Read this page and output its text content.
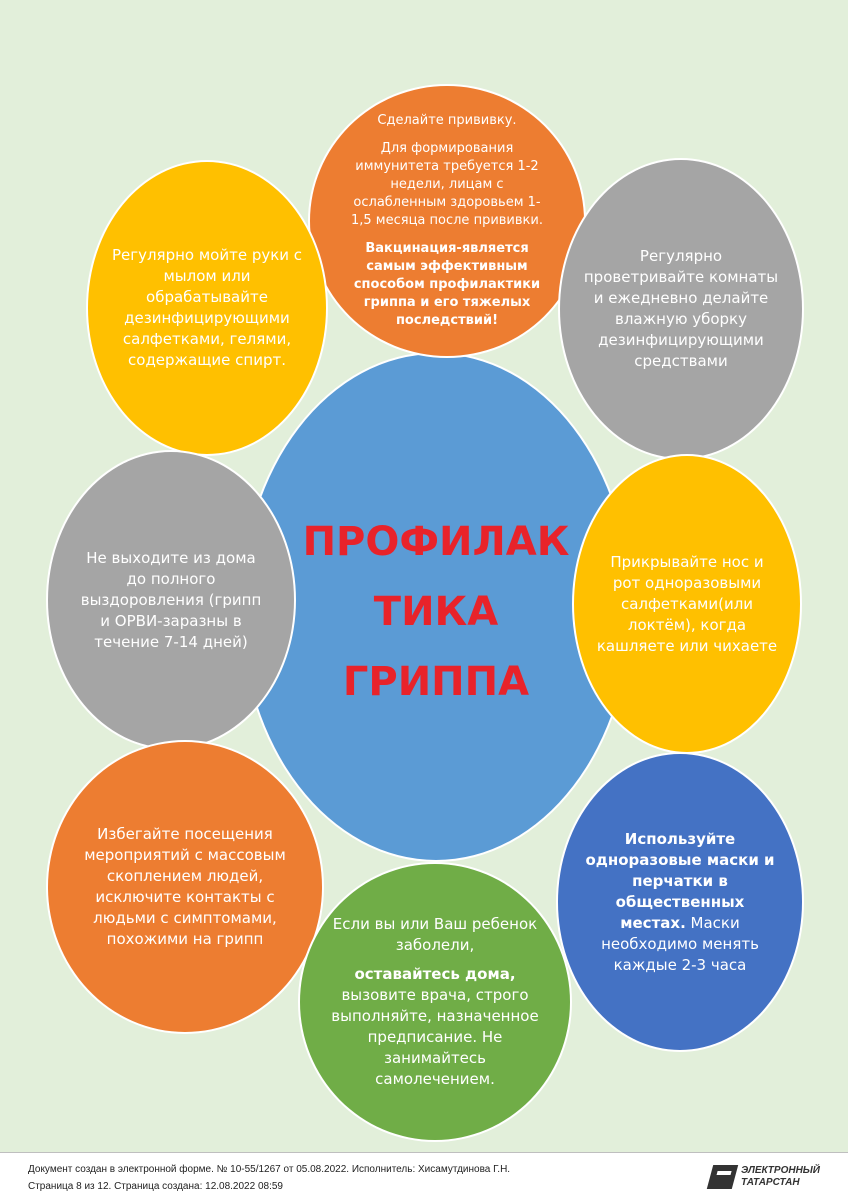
ПРОФИЛАК

ТИКА

ГРИППА

Сделайте прививку.

Для формирования иммунитета требуется 1-2 недели, лицам с ослабленным здоровьем 1-1,5 месяца после прививки.

Вакцинация-является самым эффективным способом профилактики гриппа и его тяжелых последствий!

Регулярно мойте руки с мылом или обрабатывайте дезинфицирующими салфетками, гелями, содержащие спирт.

Регулярно проветривайте комнаты и ежедневно делайте влажную уборку дезинфицирующими средствами

Не выходите из дома до полного выздоровления (грипп и ОРВИ-заразны в течение 7-14 дней)

Прикрывайте нос и рот одноразовыми салфетками(или локтём), когда кашляете или чихаете

Избегайте посещения мероприятий с массовым скоплением людей, исключите контакты с людьми с симптомами, похожими на грипп

Используйте одноразовые маски и перчатки в общественных местах. Маски необходимо менять каждые 2-3 часа

Если вы или Ваш ребенок заболели,

оставайтесь дома, вызовите врача, строго выполняйте, назначенное предписание. Не занимайтесь самолечением.

Документ создан в электронной форме. № 10-55/1267 от 05.08.2022. Исполнитель: Хисамутдинова Г.Н.
Страница 8 из 12. Страница создана: 12.08.2022 08:59
ЭЛЕКТРОННЫЙ
ТАТАРСТАН
